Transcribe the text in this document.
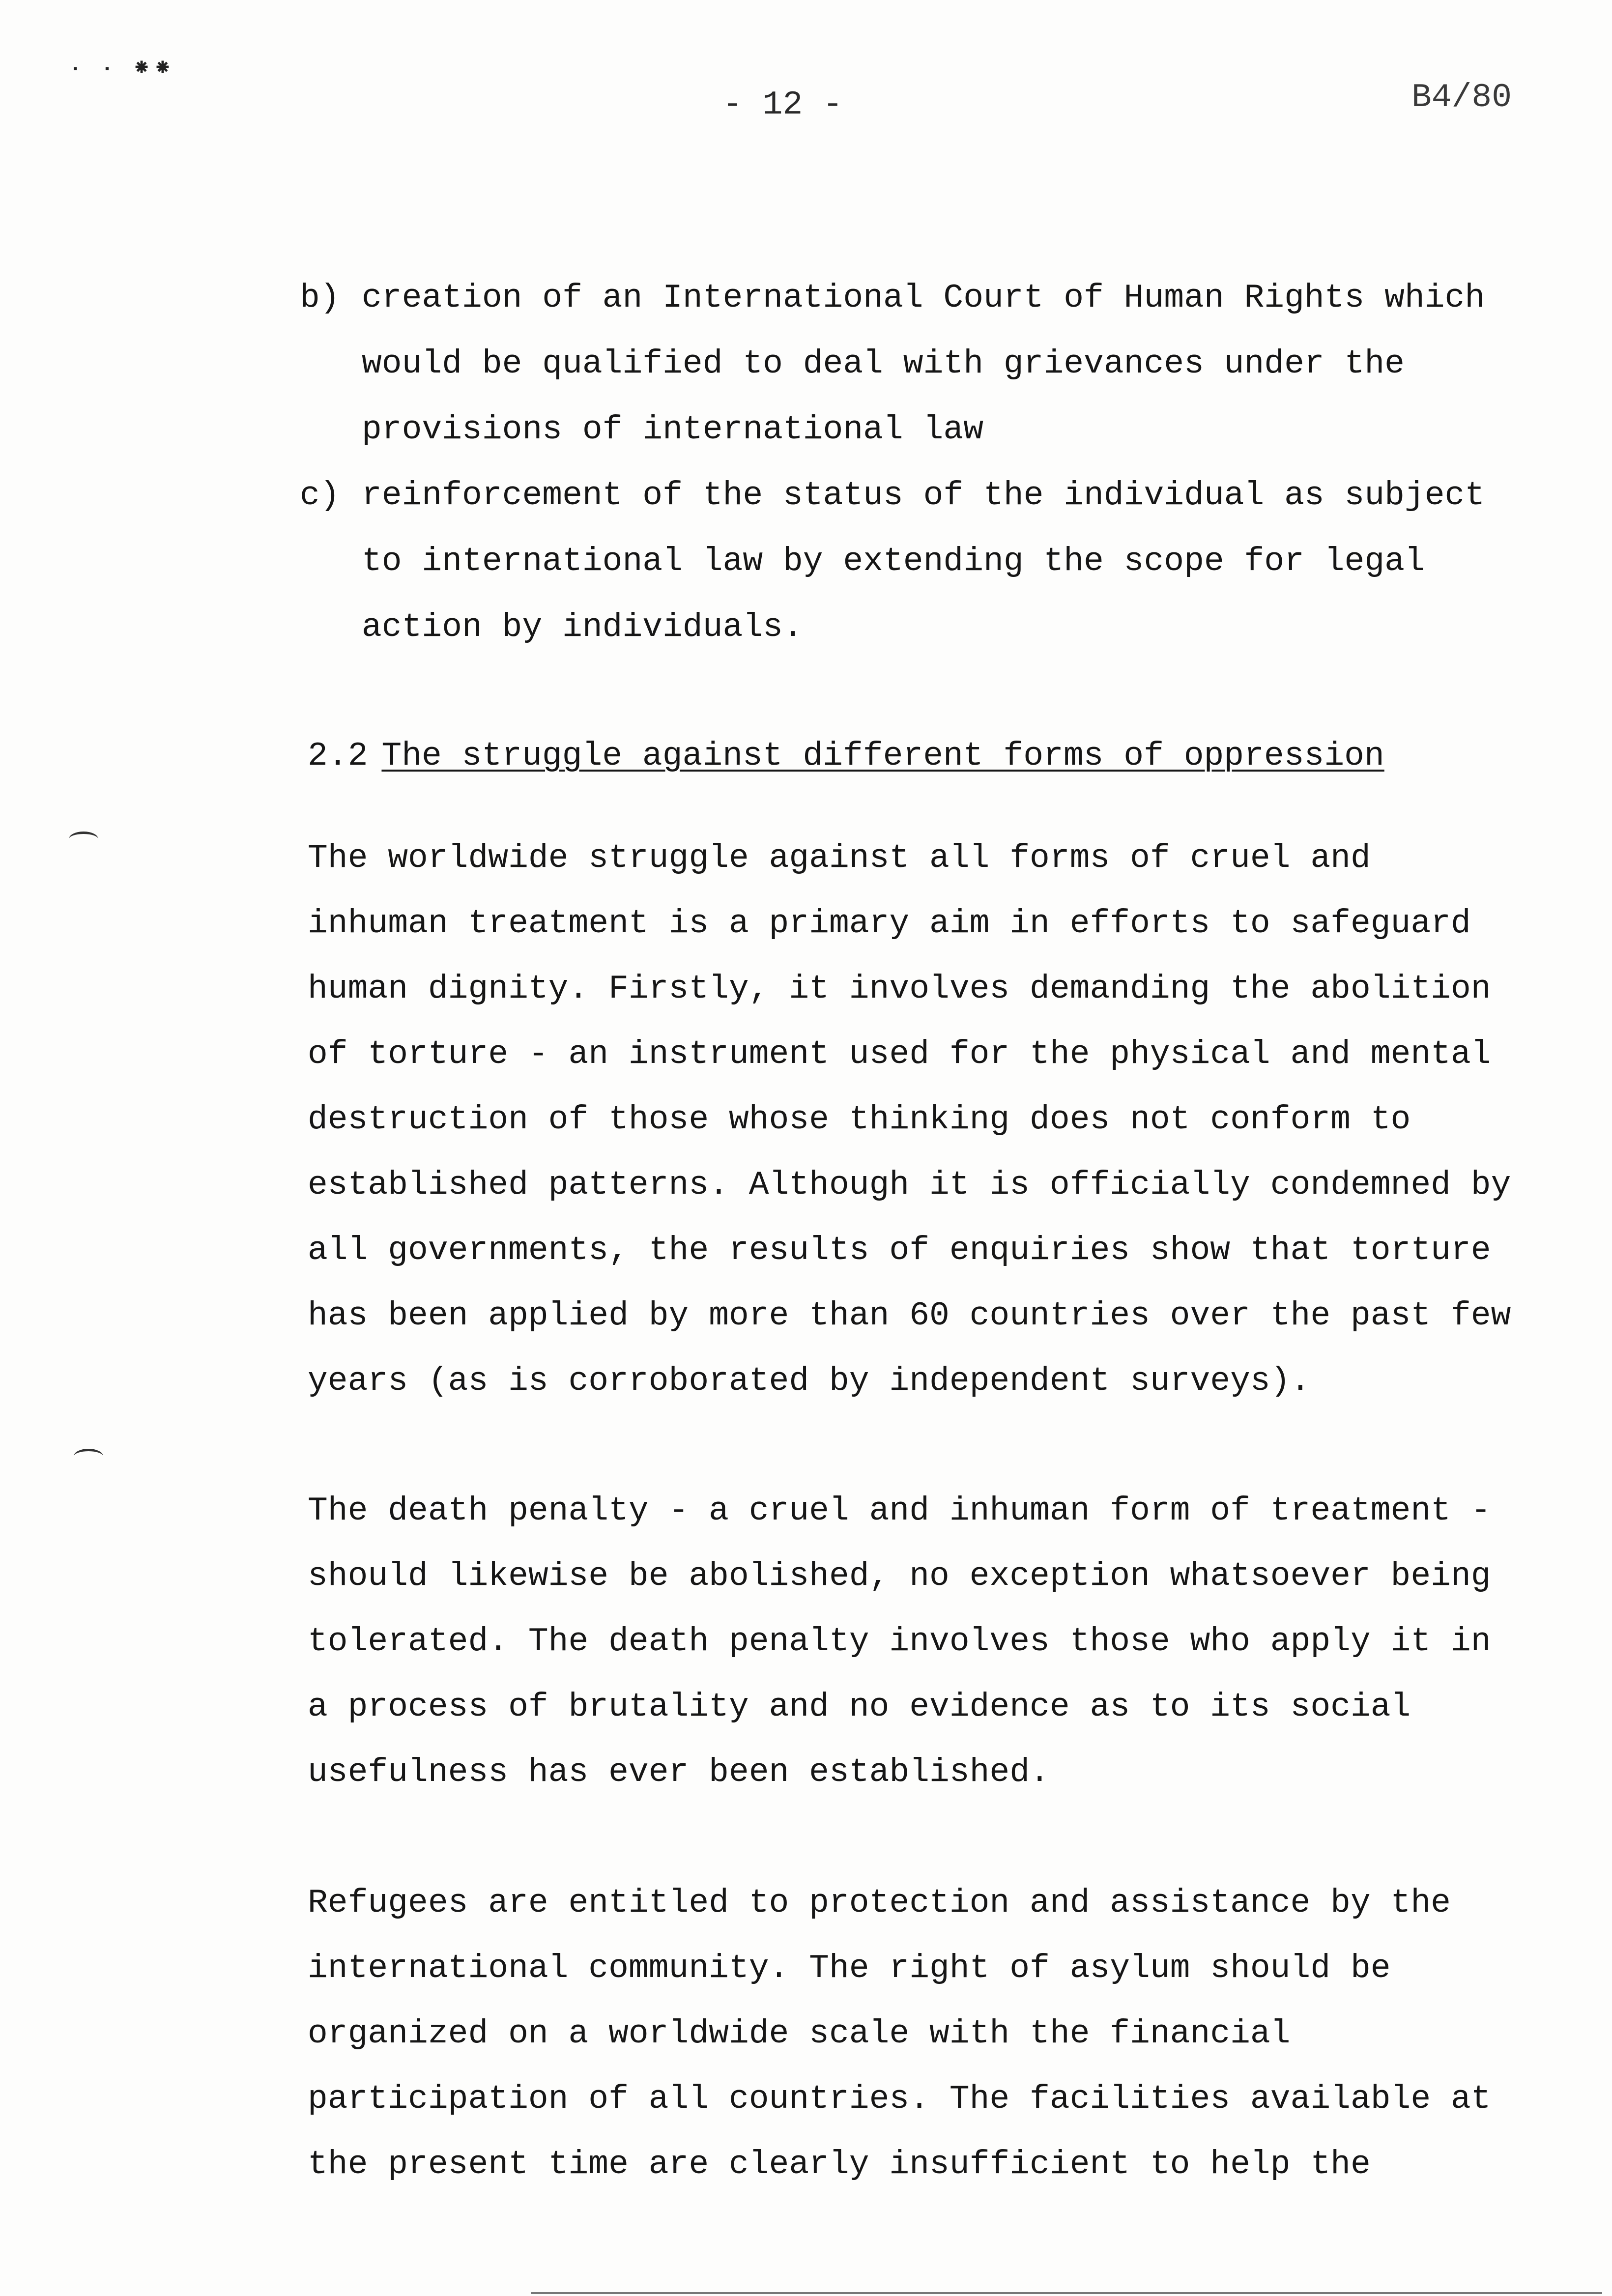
· · ⁕⁕
- 12 -	B4/80
b) creation of an International Court of Human Rights which would be qualified to deal with grievances under the provisions of international law
c) reinforcement of the status of the individual as subject to international law by extending the scope for legal action by individuals.
2.2 The struggle against different forms of oppression

The worldwide struggle against all forms of cruel and inhuman treatment is a primary aim in efforts to safeguard human dignity. Firstly, it involves demanding the abolition of torture - an instrument used for the physical and mental destruction of those whose thinking does not conform to established patterns. Although it is officially condemned by all governments, the results of enquiries show that torture has been applied by more than 60 countries over the past few years (as is corroborated by independent surveys).

The death penalty - a cruel and inhuman form of treatment - should likewise be abolished, no exception whatsoever being tolerated. The death penalty involves those who apply it in a process of brutality and no evidence as to its social usefulness has ever been established.

Refugees are entitled to protection and assistance by the international community. The right of asylum should be organized on a worldwide scale with the financial participation of all countries. The facilities available at the present time are clearly insufficient to help the
